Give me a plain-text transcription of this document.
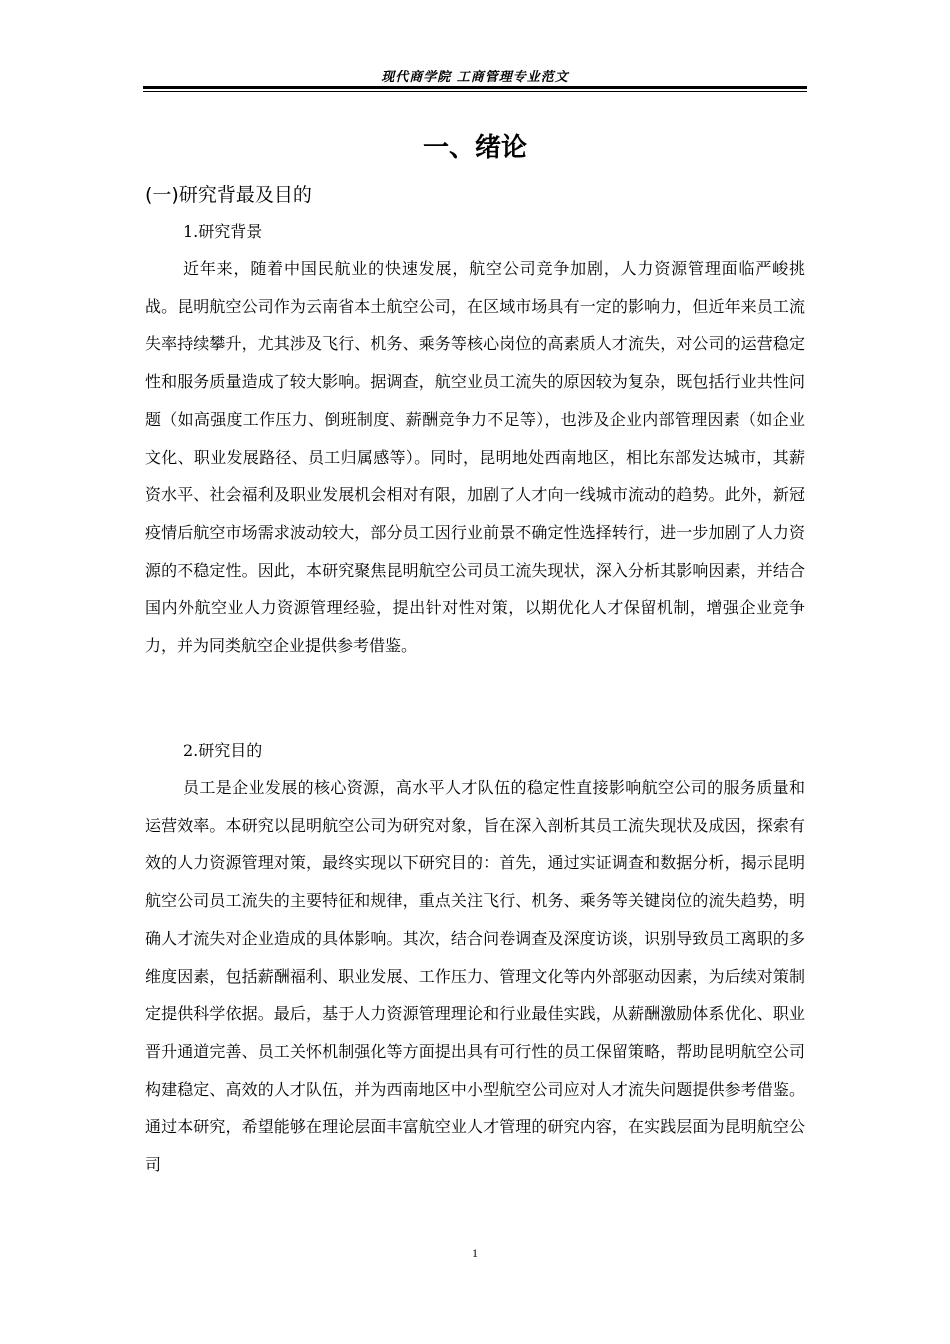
现代商学院 工商管理专业范文
一、绪论
(一)研究背最及目的
1.研究背景

近年来，随着中国民航业的快速发展，航空公司竞争加剧，人力资源管理面临严峻挑战。昆明航空公司作为云南省本土航空公司，在区域市场具有一定的影响力，但近年来员工流失率持续攀升，尤其涉及飞行、机务、乘务等核心岗位的高素质人才流失，对公司的运营稳定性和服务质量造成了较大影响。据调查，航空业员工流失的原因较为复杂，既包括行业共性问题（如高强度工作压力、倒班制度、薪酬竞争力不足等），也涉及企业内部管理因素（如企业文化、职业发展路径、员工归属感等）。同时，昆明地处西南地区，相比东部发达城市，其薪资水平、社会福利及职业发展机会相对有限，加剧了人才向一线城市流动的趋势。此外，新冠疫情后航空市场需求波动较大，部分员工因行业前景不确定性选择转行，进一步加剧了人力资源的不稳定性。因此，本研究聚焦昆明航空公司员工流失现状，深入分析其影响因素，并结合国内外航空业人力资源管理经验，提出针对性对策，以期优化人才保留机制，增强企业竞争力，并为同类航空企业提供参考借鉴。

2.研究目的

员工是企业发展的核心资源，高水平人才队伍的稳定性直接影响航空公司的服务质量和运营效率。本研究以昆明航空公司为研究对象，旨在深入剖析其员工流失现状及成因，探索有效的人力资源管理对策，最终实现以下研究目的：首先，通过实证调查和数据分析，揭示昆明航空公司员工流失的主要特征和规律，重点关注飞行、机务、乘务等关键岗位的流失趋势，明确人才流失对企业造成的具体影响。其次，结合问卷调查及深度访谈，识别导致员工离职的多维度因素，包括薪酬福利、职业发展、工作压力、管理文化等内外部驱动因素，为后续对策制定提供科学依据。最后，基于人力资源管理理论和行业最佳实践，从薪酬激励体系优化、职业晋升通道完善、员工关怀机制强化等方面提出具有可行性的员工保留策略，帮助昆明航空公司构建稳定、高效的人才队伍，并为西南地区中小型航空公司应对人才流失问题提供参考借鉴。通过本研究，希望能够在理论层面丰富航空业人才管理的研究内容，在实践层面为昆明航空公司

1
